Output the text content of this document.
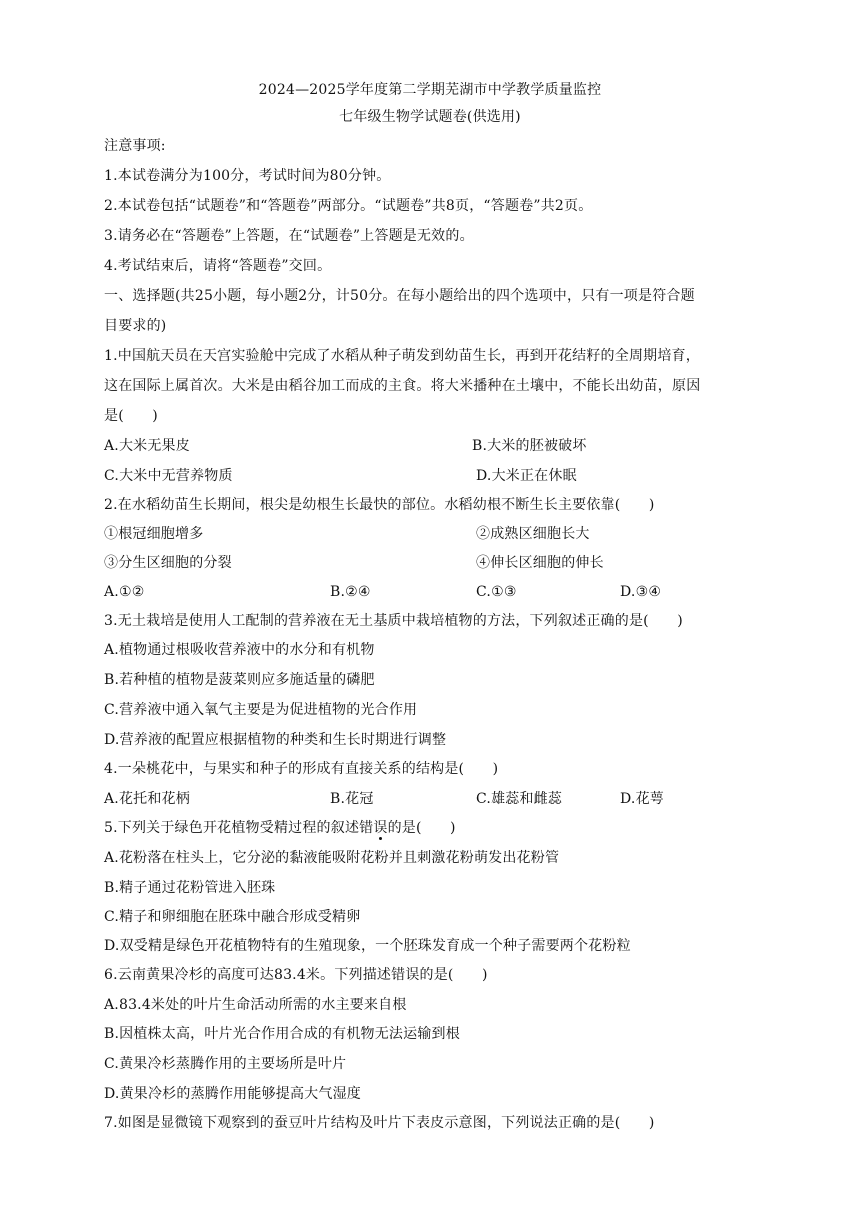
2024—2025学年度第二学期芜湖市中学教学质量监控
七年级生物学试题卷(供选用)
注意事项:
1.本试卷满分为100分，考试时间为80分钟。
2.本试卷包括“试题卷”和“答题卷”两部分。“试题卷”共8页，“答题卷”共2页。
3.请务必在“答题卷”上答题，在“试题卷”上答题是无效的。
4.考试结束后，请将“答题卷”交回。
一、选择题(共25小题，每小题2分，计50分。在每小题给出的四个选项中，只有一项是符合题
目要求的)
1.中国航天员在天宫实验舱中完成了水稻从种子萌发到幼苗生长，再到开花结籽的全周期培育，
这在国际上属首次。大米是由稻谷加工而成的主食。将大米播种在土壤中，不能长出幼苗，原因
是(　　)
A.大米无果皮	B.大米的胚被破坏
C.大米中无营养物质	D.大米正在休眠
2.在水稻幼苗生长期间，根尖是幼根生长最快的部位。水稻幼根不断生长主要依靠(　　)
①根冠细胞增多	②成熟区细胞长大
③分生区细胞的分裂	④伸长区细胞的伸长
A.①②	B.②④	C.①③	D.③④
3.无土栽培是使用人工配制的营养液在无土基质中栽培植物的方法，下列叙述正确的是(　　)
A.植物通过根吸收营养液中的水分和有机物
B.若种植的植物是菠菜则应多施适量的磷肥
C.营养液中通入氧气主要是为促进植物的光合作用
D.营养液的配置应根据植物的种类和生长时期进行调整
4.一朵桃花中，与果实和种子的形成有直接关系的结构是(　　)
A.花托和花柄	B.花冠	C.雄蕊和雌蕊	D.花萼
5.下列关于绿色开花植物受精过程的叙述错误的是(　　)
A.花粉落在柱头上，它分泌的黏液能吸附花粉并且刺激花粉萌发出花粉管
B.精子通过花粉管进入胚珠
C.精子和卵细胞在胚珠中融合形成受精卵
D.双受精是绿色开花植物特有的生殖现象，一个胚珠发育成一个种子需要两个花粉粒
6.云南黄果冷杉的高度可达83.4米。下列描述错误的是(　　)
A.83.4米处的叶片生命活动所需的水主要来自根
B.因植株太高，叶片光合作用合成的有机物无法运输到根
C.黄果冷杉蒸腾作用的主要场所是叶片
D.黄果冷杉的蒸腾作用能够提高大气湿度
7.如图是显微镜下观察到的蚕豆叶片结构及叶片下表皮示意图，下列说法正确的是(　　)
